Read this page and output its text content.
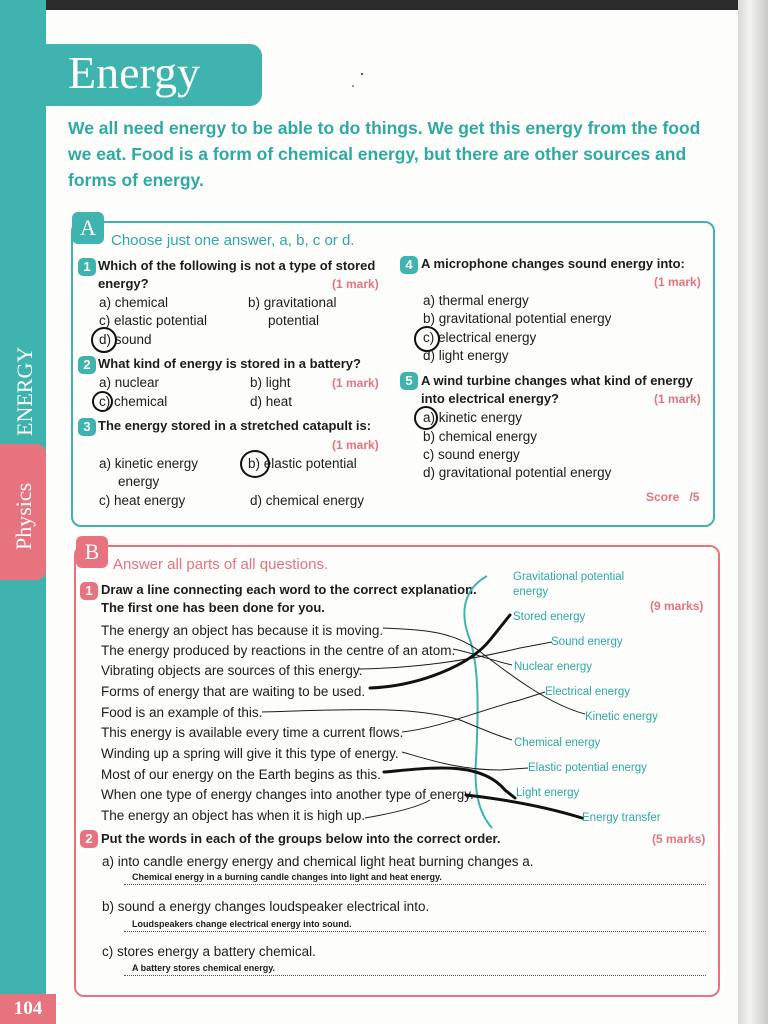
ENERGY
Physics
104
Energy
We all need energy to be able to do things. We get this energy from the food we eat. Food is a form of chemical energy, but there are other sources and forms of energy.
A
Choose just one answer, a, b, c or d.
1 Which of the following is not a type of stored
energy?	(1 mark)
a) chemical	b) gravitational
potential
c) elastic potential
d) sound
2 What kind of energy is stored in a battery?
a) nuclear	b) light	(1 mark)
c) chemical	d) heat
3 The energy stored in a stretched catapult is:
(1 mark)
a) kinetic energy
energy
b) elastic potential
c) heat energy	d) chemical energy
4 A microphone changes sound energy into:
(1 mark)
a) thermal energy
b) gravitational potential energy
c) electrical energy
d) light energy
5 A wind turbine changes what kind of energy
into electrical energy?	(1 mark)
a) kinetic energy
b) chemical energy
c) sound energy
d) gravitational potential energy
Score /5
B
Answer all parts of all questions.
1 Draw a line connecting each word to the correct explanation.
The first one has been done for you.	(9 marks)
The energy an object has because it is moving.
The energy produced by reactions in the centre of an atom.
Vibrating objects are sources of this energy.
Forms of energy that are waiting to be used.
Food is an example of this.
This energy is available every time a current flows.
Winding up a spring will give it this type of energy.
Most of our energy on the Earth begins as this.
When one type of energy changes into another type of energy.
The energy an object has when it is high up.
Gravitational potential
energy
Stored energy
Sound energy
Nuclear energy
Electrical energy
Kinetic energy
Chemical energy
Elastic potential energy
Light energy
Energy transfer
2 Put the words in each of the groups below into the correct order.	(5 marks)
a) into candle energy energy and chemical light heat burning changes a.
Chemical energy in a burning candle changes into light and heat energy.
b) sound a energy changes loudspeaker electrical into.
Loudspeakers change electrical energy into sound.
c) stores energy a battery chemical.
A battery stores chemical energy.
